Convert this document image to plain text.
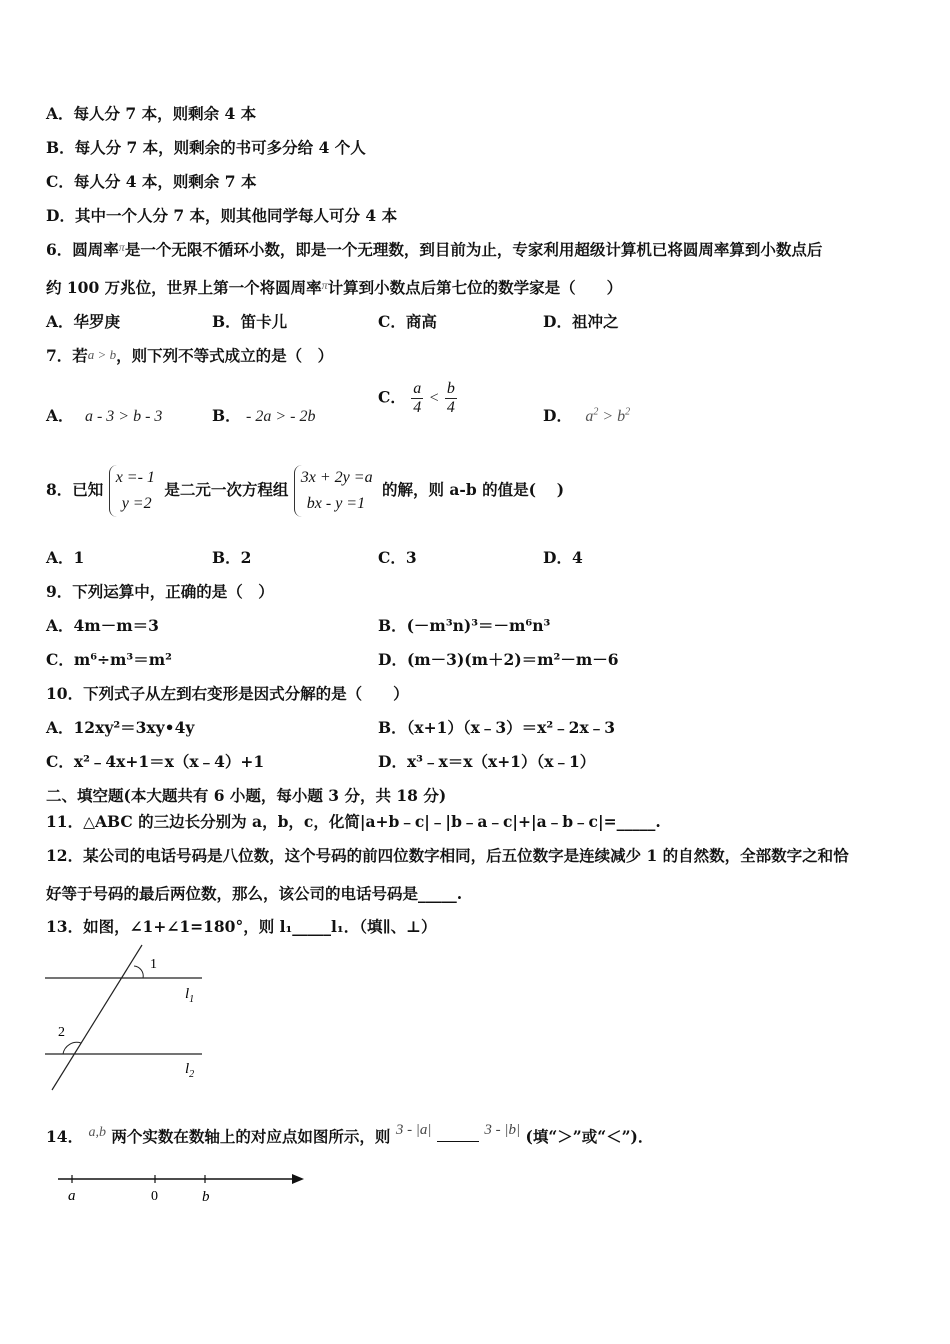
A．每人分 7 本，则剩余 4 本
B．每人分 7 本，则剩余的书可多分给 4 个人
C．每人分 4 本，则剩余 7 本
D．其中一个人分 7 本，则其他同学每人可分 4 本
6．圆周率$^\pi$是一个无限不循环小数，即是一个无理数，到目前为止，专家利用超级计算机已将圆周率算到小数点后
约 100 万兆位，世界上第一个将圆周率$^\pi$计算到小数点后第七位的数学家是（　　）
A．华罗庚	B．笛卡儿	C．商高	D．祖冲之
7．若a > b，则下列不等式成立的是（　）
A． a - 3 > b - 3	B． - 2a > - 2b
C． $\frac{a}{4} < \frac{b}{4}$	D． $a^2 > b^2$
8．已知
x =- 1
y =2
是二元一次方程组
3x + 2y =a
bx - y =1
的解，则 a-b 的值是(　 )
A．1	B．2	C．3	D．4
9．下列运算中，正确的是（　）
A．4m－m＝3	B．(－m³n)³＝－m⁶n³
C．m⁶÷m³＝m²	D．(m－3)(m＋2)＝m²－m－6
10．下列式子从左到右变形是因式分解的是（　　）
A．12xy²＝3xy•4y	B．（x+1）（x﹣3）＝x²﹣2x﹣3
C．x²﹣4x+1＝x（x﹣4）+1	D．x³﹣x＝x（x+1）（x﹣1）
二、填空题(本大题共有 6 小题，每小题 3 分，共 18 分)
11．△ABC 的三边长分别为 a，b，c，化简|a+b﹣c|﹣|b﹣a﹣c|+|a﹣b﹣c|=_____.
12．某公司的电话号码是八位数，这个号码的前四位数字相同，后五位数字是连续减少 1 的自然数，全部数字之和恰
好等于号码的最后两位数，那么，该公司的电话号码是_____.
13．如图，∠1+∠1=180°，则 l₁_____l₁．（填∥、⊥）
1
2
$l_1$
$l_2$
14． a,b 两个实数在数轴上的对应点如图所示，则 3 - |a|	3 - |b| (填“＞”或“＜”)．
a	0	b
